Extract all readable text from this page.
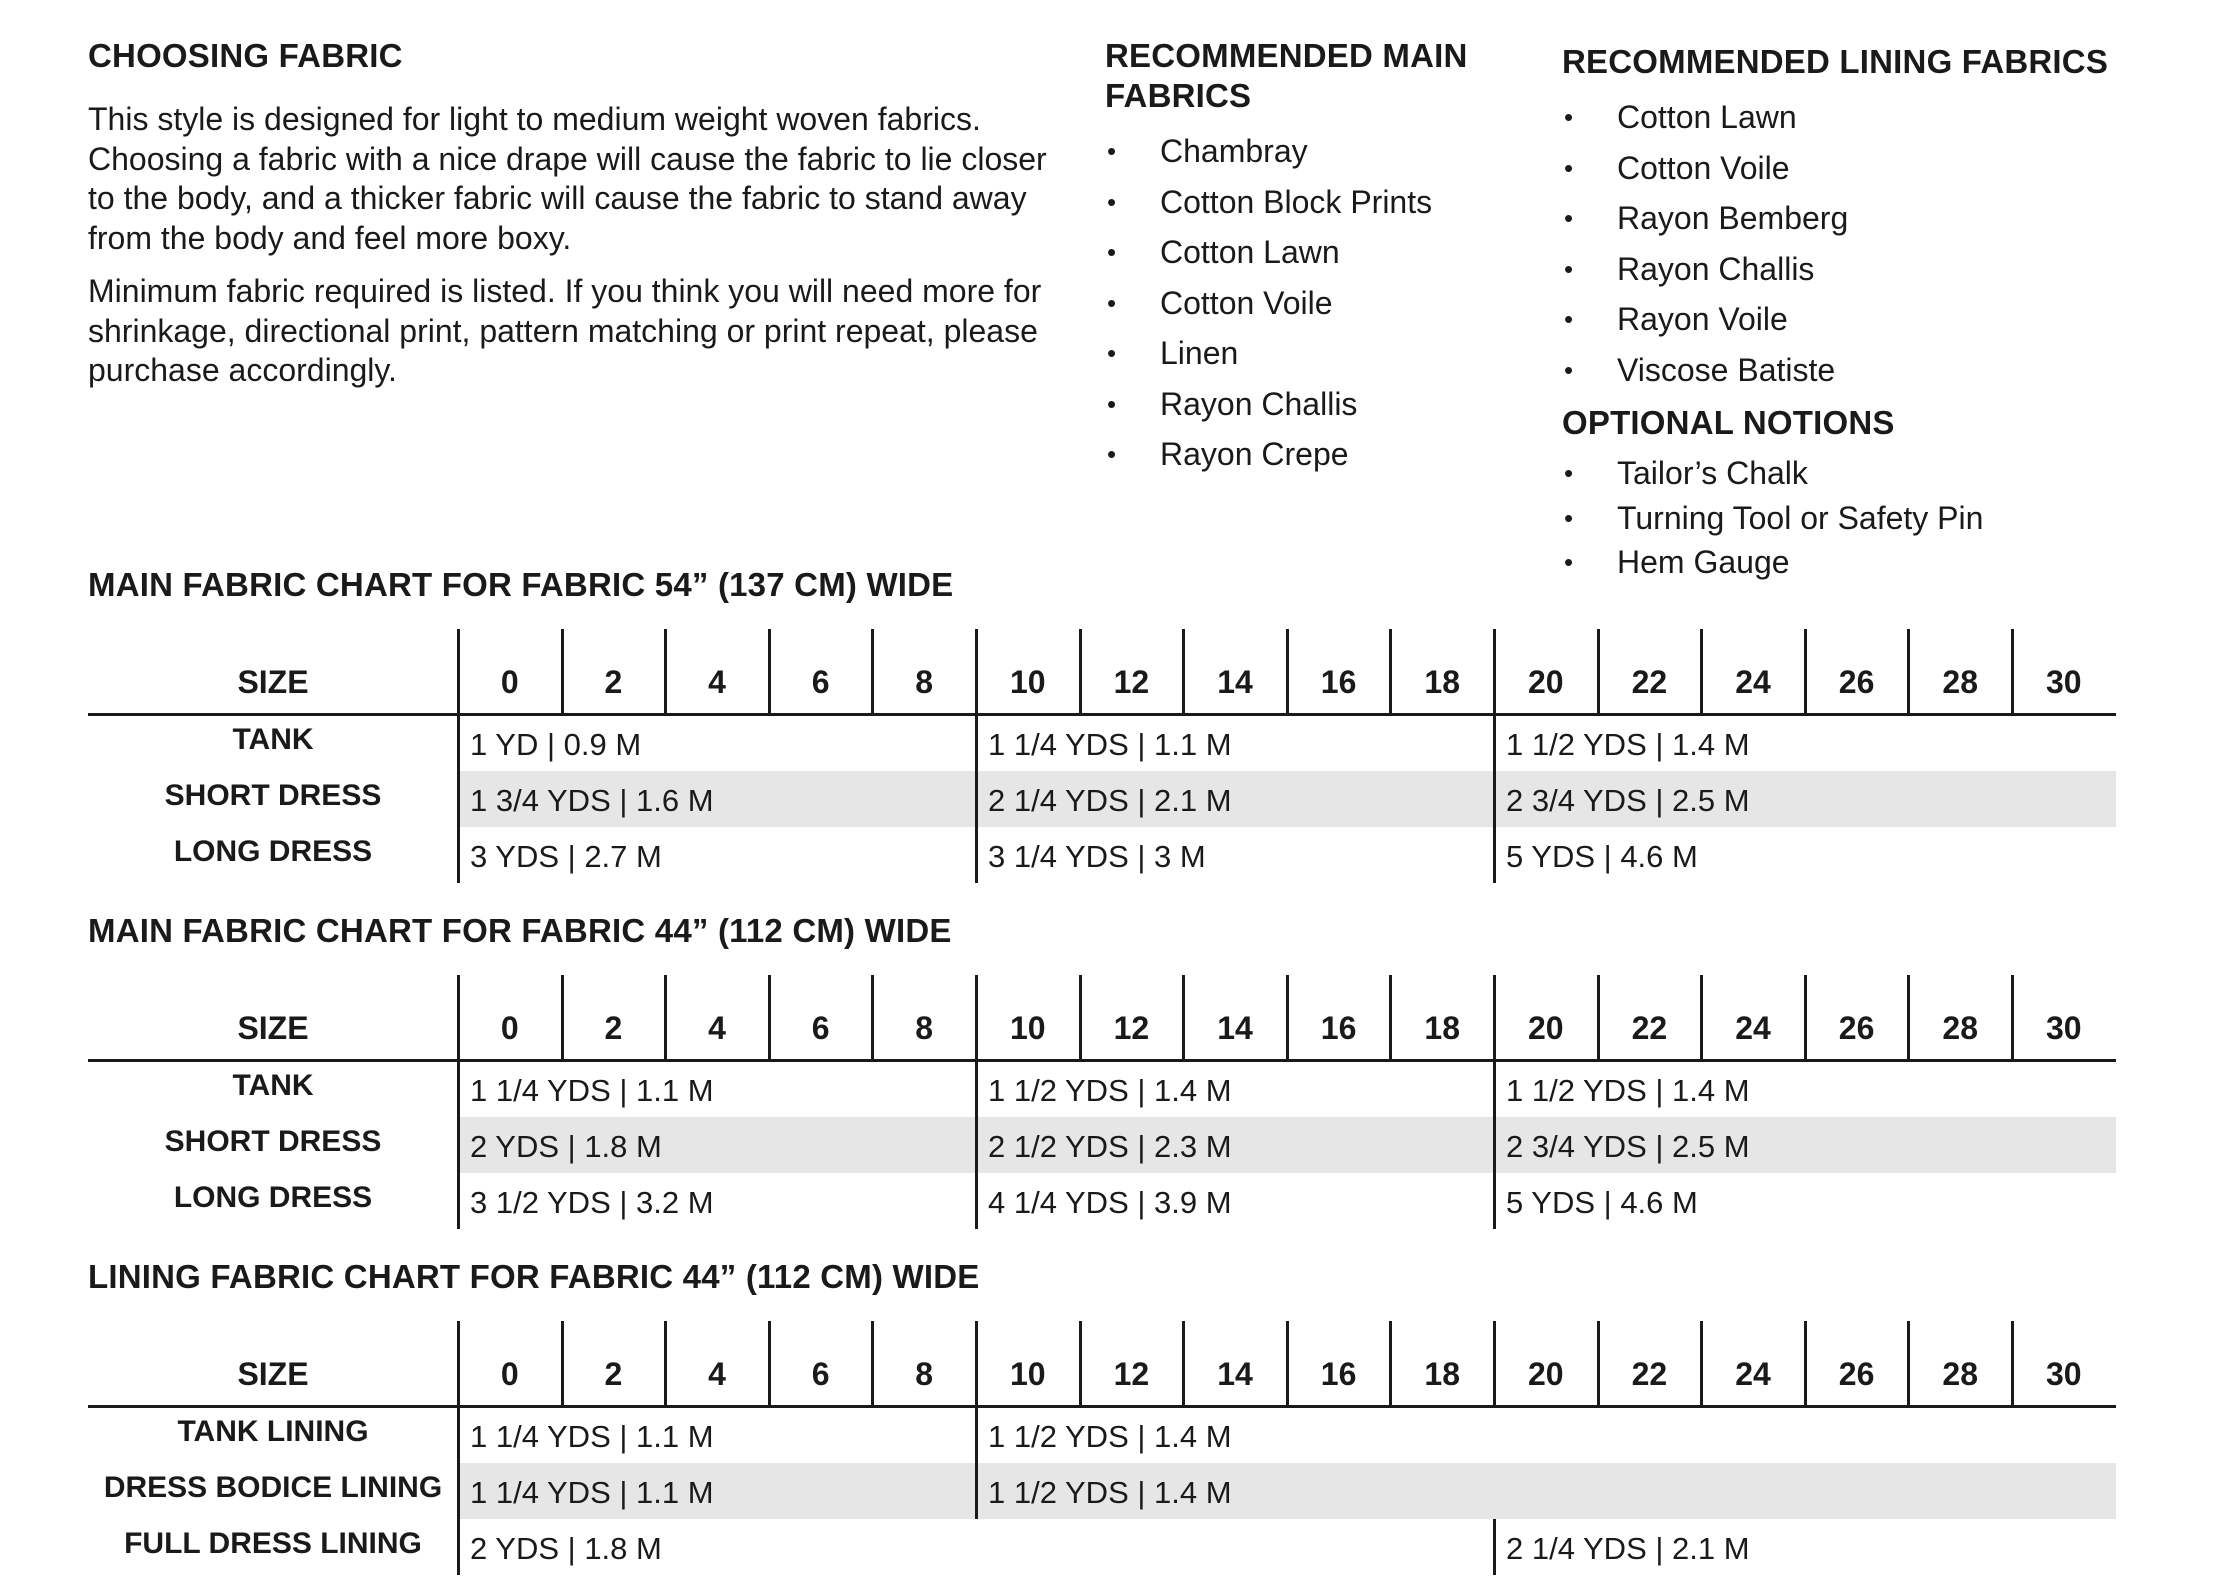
CHOOSING FABRIC

This style is designed for light to medium weight woven fabrics. Choosing a fabric with a nice drape will cause the fabric to lie closer to the body, and a thicker fabric will cause the fabric to stand away from the body and feel more boxy.

Minimum fabric required is listed. If you think you will need more for shrinkage, directional print, pattern matching or print repeat, please purchase accordingly.

RECOMMENDED MAIN FABRICS
• Chambray
• Cotton Block Prints
• Cotton Lawn
• Cotton Voile
• Linen
• Rayon Challis
• Rayon Crepe
RECOMMENDED LINING FABRICS
• Cotton Lawn
• Cotton Voile
• Rayon Bemberg
• Rayon Challis
• Rayon Voile
• Viscose Batiste
OPTIONAL NOTIONS
• Tailor’s Chalk
• Turning Tool or Safety Pin
• Hem Gauge
MAIN FABRIC CHART FOR FABRIC 54” (137 CM) WIDE
MAIN FABRIC CHART FOR FABRIC 44” (112 CM) WIDE
LINING FABRIC CHART FOR FABRIC 44” (112 CM) WIDE
SIZE	0	2	4	6	8	10	12	14	16	18	20	22	24	26	28	30
TANK	1 YD | 0.9 M	1 1/4 YDS | 1.1 M	1 1/2 YDS | 1.4 M
SHORT DRESS	1 3/4 YDS | 1.6 M	2 1/4 YDS | 2.1 M	2 3/4 YDS | 2.5 M
LONG DRESS	3 YDS | 2.7 M	3 1/4 YDS | 3 M	5 YDS | 4.6 M
SIZE	0	2	4	6	8	10	12	14	16	18	20	22	24	26	28	30
TANK	1 1/4 YDS | 1.1 M	1 1/2 YDS | 1.4 M	1 1/2 YDS | 1.4 M
SHORT DRESS	2 YDS | 1.8 M	2 1/2 YDS | 2.3 M	2 3/4 YDS | 2.5 M
LONG DRESS	3 1/2 YDS | 3.2 M	4 1/4 YDS | 3.9 M	5 YDS | 4.6 M
SIZE	0	2	4	6	8	10	12	14	16	18	20	22	24	26	28	30
TANK LINING	1 1/4 YDS | 1.1 M	1 1/2 YDS | 1.4 M
DRESS BODICE LINING 1 1/4 YDS | 1.1 M	1 1/2 YDS | 1.4 M
FULL DRESS LINING	2 YDS | 1.8 M	2 1/4 YDS | 2.1 M
